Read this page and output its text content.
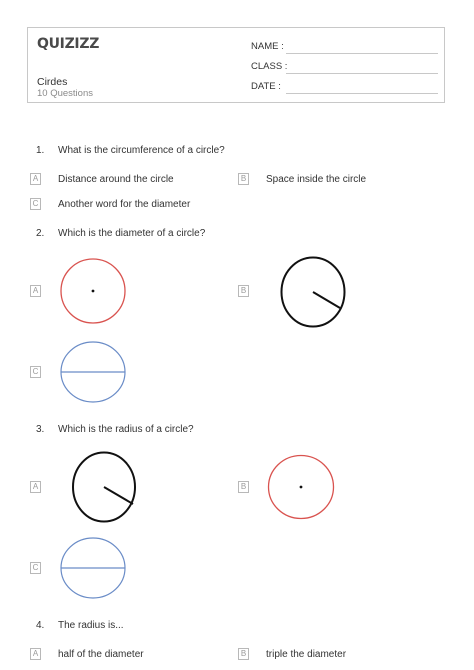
QUIZIZZ
Cirdes
10 Questions
NAME :
CLASS :
DATE :
1. What is the circumference of a circle?
A Distance around the circle	B Space inside the circle
C Another word for the diameter
2. Which is the diameter of a circle?
A	B
C
3. Which is the radius of a circle?
A	B
C
4. The radius is...
A half of the diameter	B triple the diameter
